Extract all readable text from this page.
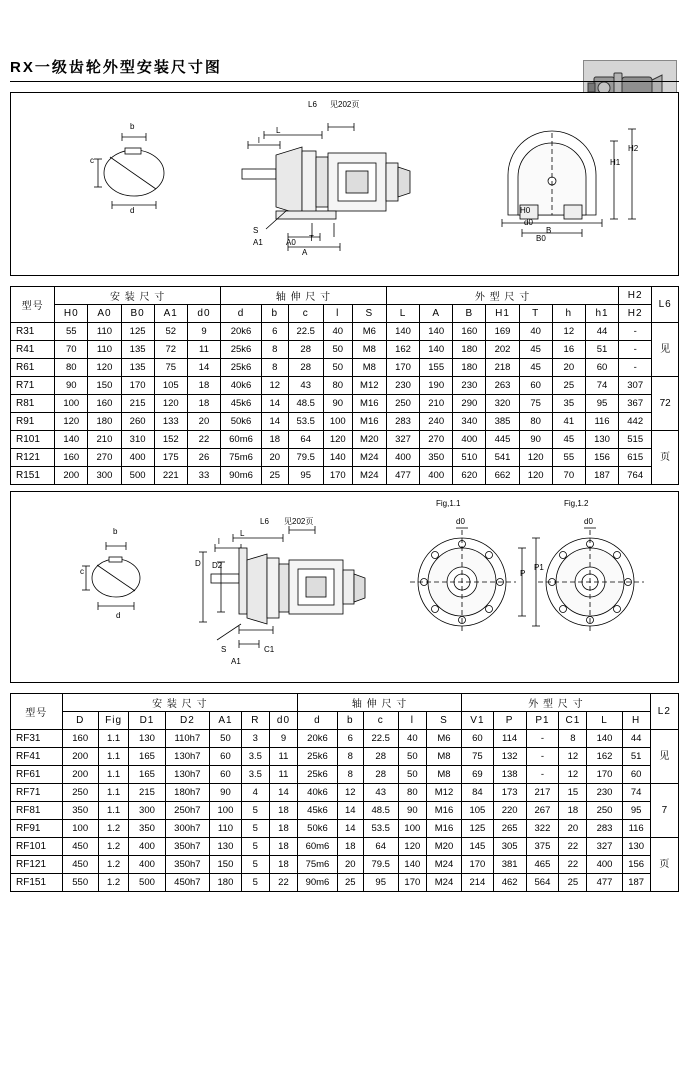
RX一级齿轮外型安装尺寸图
L6
L
l
见202页
A1	A0
A
T
S
b
c
d
H1
H2
H0
B0
B
d0
型号	安 装 尺 寸					轴 伸 尺 寸					外 型 尺 寸							H2	L6
	H0	A0	B0	A1	d0	d	b	c	l	S	L	A	B	H1	T	h	h1	H2	
R31	55	110	125	52	9	20k6	6	22.5	40	M6	140	140	160	169	40	12	44	-	见
R41	70	110	135	72	11	25k6	8	28	50	M8	162	140	180	202	45	16	51	-	
R61	80	120	135	75	14	25k6	8	28	50	M8	170	155	180	218	45	20	60	-	
R71	90	150	170	105	18	40k6	12	43	80	M12	230	190	230	263	60	25	74	307	72
R81	100	160	215	120	18	45k6	14	48.5	90	M16	250	210	290	320	75	35	95	367	
R91	120	180	260	133	20	50k6	14	53.5	100	M16	283	240	340	385	80	41	116	442	
R101	140	210	310	152	22	60m6	18	64	120	M20	327	270	400	445	90	45	130	515	页
R121	160	270	400	175	26	75m6	20	79.5	140	M24	400	350	510	541	120	55	156	615	
R151	200	300	500	221	33	90m6	25	95	170	M24	477	400	620	662	120	70	187	764	
L6
L
l
见202页
b
c
d
D D2
S
A1
C1
Fig,1.1	Fig,1.2
d0	d0
P
P1
型号	安 装 尺 寸							轴 伸 尺 寸					外 型 尺 寸						L2
	D	Fig	D1	D2	A1	R	d0	d	b	c	l	S	V1	P	P1	C1	L	H	
RF31	160	1.1	130	110h7	50	3	9	20k6	6	22.5	40	M6	60	114	-	8	140	44	见
RF41	200	1.1	165	130h7	60	3.5	11	25k6	8	28	50	M8	75	132	-	12	162	51	
RF61	200	1.1	165	130h7	60	3.5	11	25k6	8	28	50	M8	69	138	-	12	170	60	
RF71	250	1.1	215	180h7	90	4	14	40k6	12	43	80	M12	84	173	217	15	230	74	7
RF81	350	1.1	300	250h7	100	5	18	45k6	14	48.5	90	M16	105	220	267	18	250	95	
RF91	100	1.2	350	300h7	110	5	18	50k6	14	53.5	100	M16	125	265	322	20	283	116	
RF101	450	1.2	400	350h7	130	5	18	60m6	18	64	120	M20	145	305	375	22	327	130	页
RF121	450	1.2	400	350h7	150	5	18	75m6	20	79.5	140	M24	170	381	465	22	400	156	
RF151	550	1.2	500	450h7	180	5	22	90m6	25	95	170	M24	214	462	564	25	477	187	
